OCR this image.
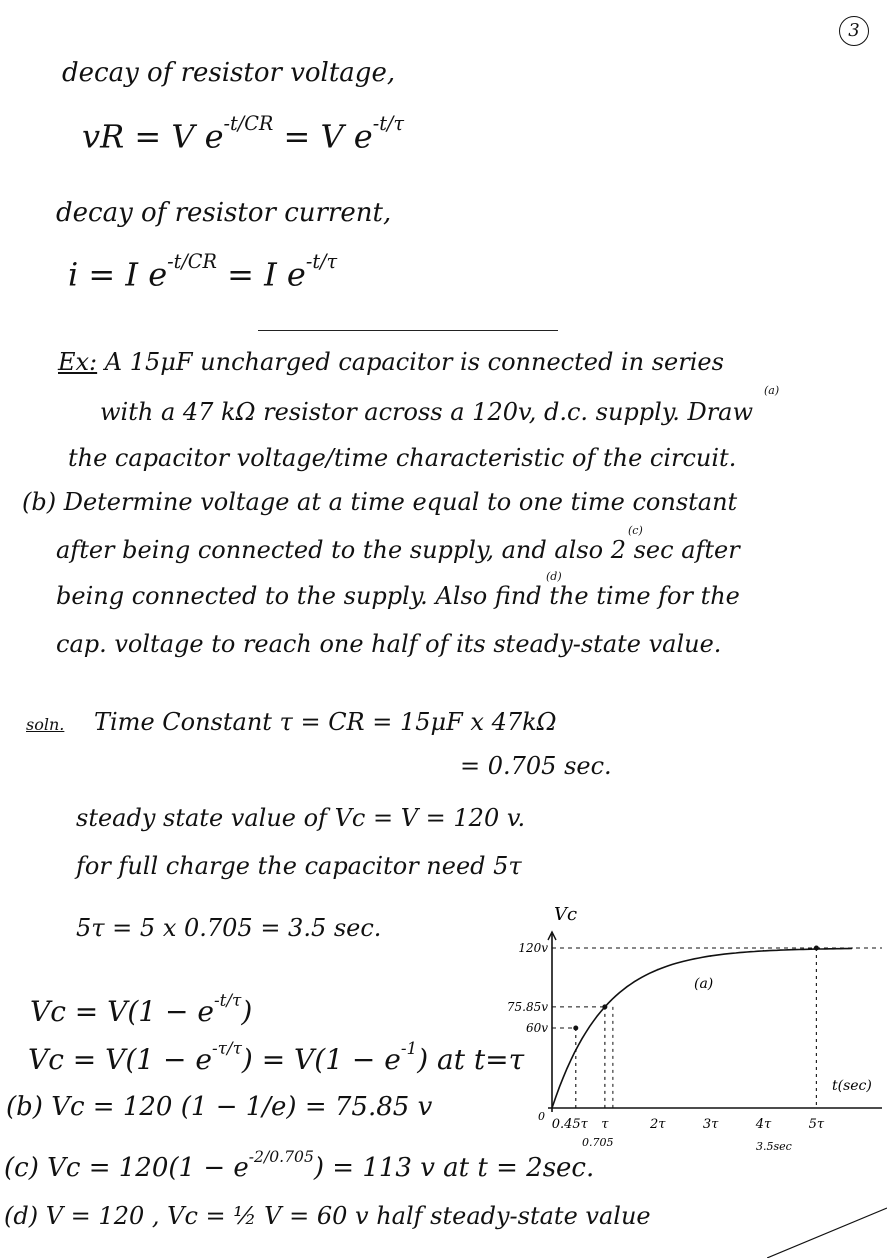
3
decay of resistor voltage,
vR = V $e^{-t/CR} = V$ $e^{-t/\tau}$
decay of resistor current,
i = I $e^{-t/CR} = I$ $e^{-t/\tau}$
Ex: A 15μF uncharged capacitor is connected in series
(a)
with a 47 kΩ resistor across a 120v, d.c. supply. Draw
the capacitor voltage/time characteristic of the circuit.
(b) Determine voltage at a time equal to one time constant
(c)
after being connected to the supply, and also 2 sec after
(d)
being connected to the supply. Also find the time for the
cap. voltage to reach one half of its steady-state value.
soln. Time Constant τ = CR = 15μF x 47kΩ
= 0.705 sec.
steady state value of Vc = V = 120 v.
for full charge the capacitor need 5τ
5τ = 5 x 0.705 = 3.5 sec.
$Vc = V(1 - e^{-t/\tau})$
$Vc = V(1 - e^{-\tau/\tau}) = V(1 - e^{-1})$ at t=τ
(b) Vc = 120 (1 − 1/e) = 75.85 v
(c) $Vc = 120(1 - e^{-2/0.705}) = 113$ v at t = 2sec.
(d) V = 120 , Vc = ½ V = 60 v half steady-state value
Vc
t(sec)
(a)
0.705	3.5sec
0
120v
75.85v
60v
0.45τ τ	2τ	3τ	4τ	5τ
